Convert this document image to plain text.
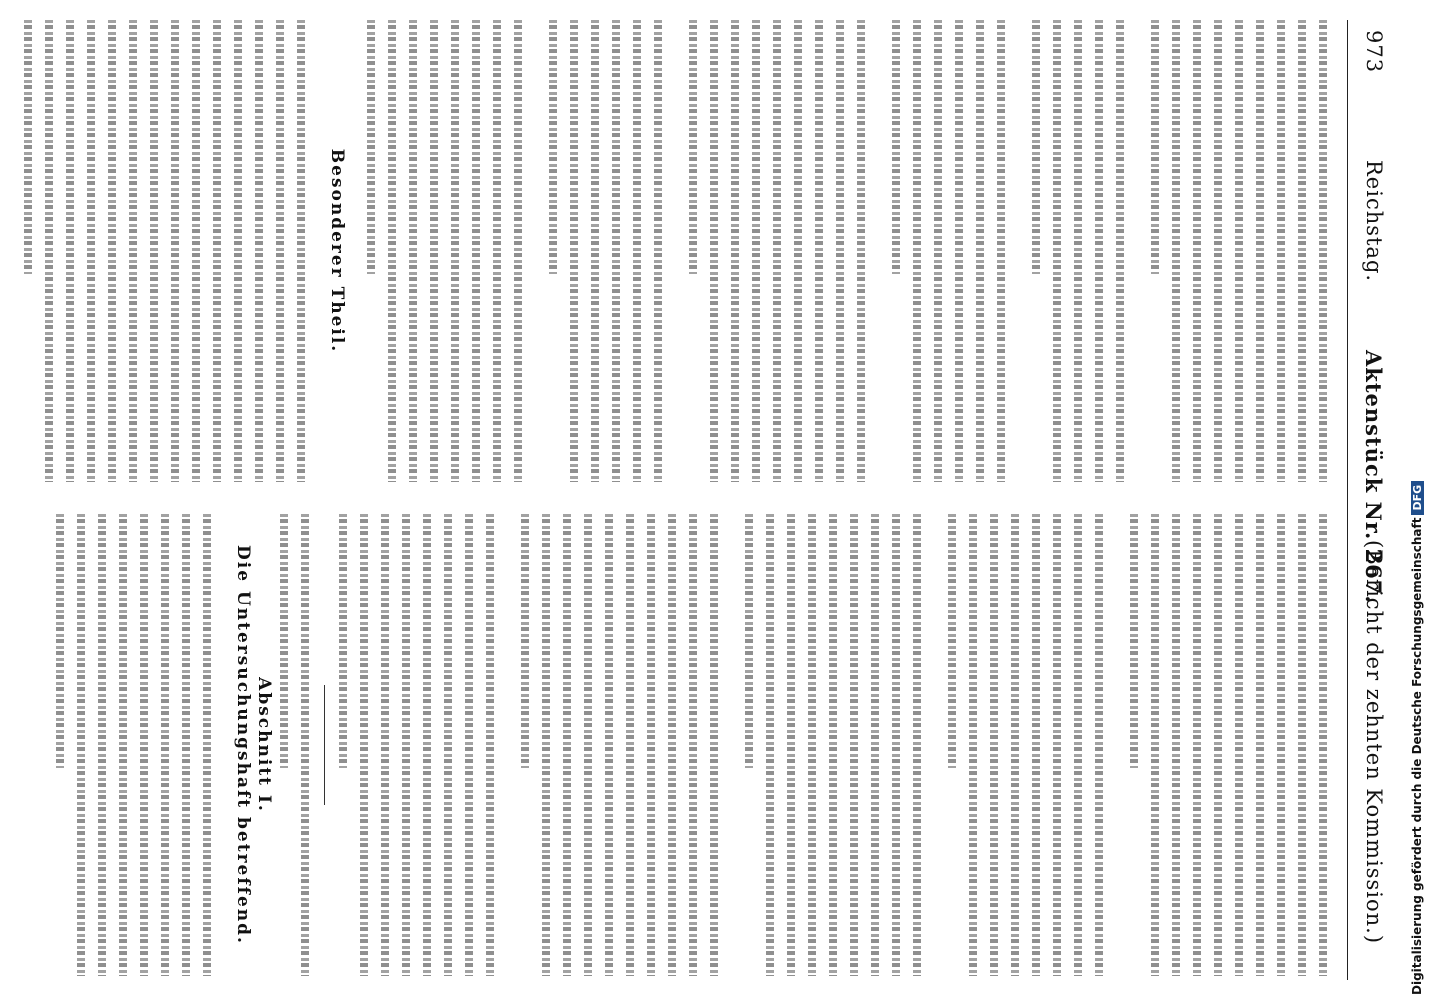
973
Reichstag.
Aktenstück Nr. 267.
(Bericht der zehnten Kommission.)
Besonderer Theil.
Abschnitt I.
Die Untersuchungshaft betreffend.	Digitalisierung gefördert durch die Deutsche ForschungsgemeinschaftDFG
